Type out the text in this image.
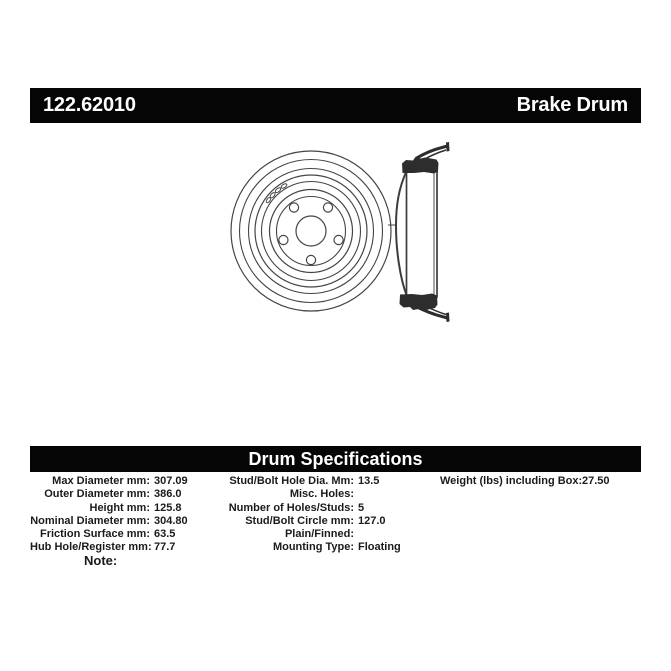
122.62010	Brake Drum
Drum Specifications
Max Diameter mm: 307.09
Outer Diameter mm: 386.0
Height mm: 125.8
Nominal Diameter mm: 304.80
Friction Surface mm: 63.5
Hub Hole/Register mm: 77.7
Stud/Bolt Hole Dia. Mm: 13.5
Misc. Holes:
Number of Holes/Studs: 5
Stud/Bolt Circle mm: 127.0
Plain/Finned:
Mounting Type: Floating
Weight (lbs) including Box: 27.50
Note:
